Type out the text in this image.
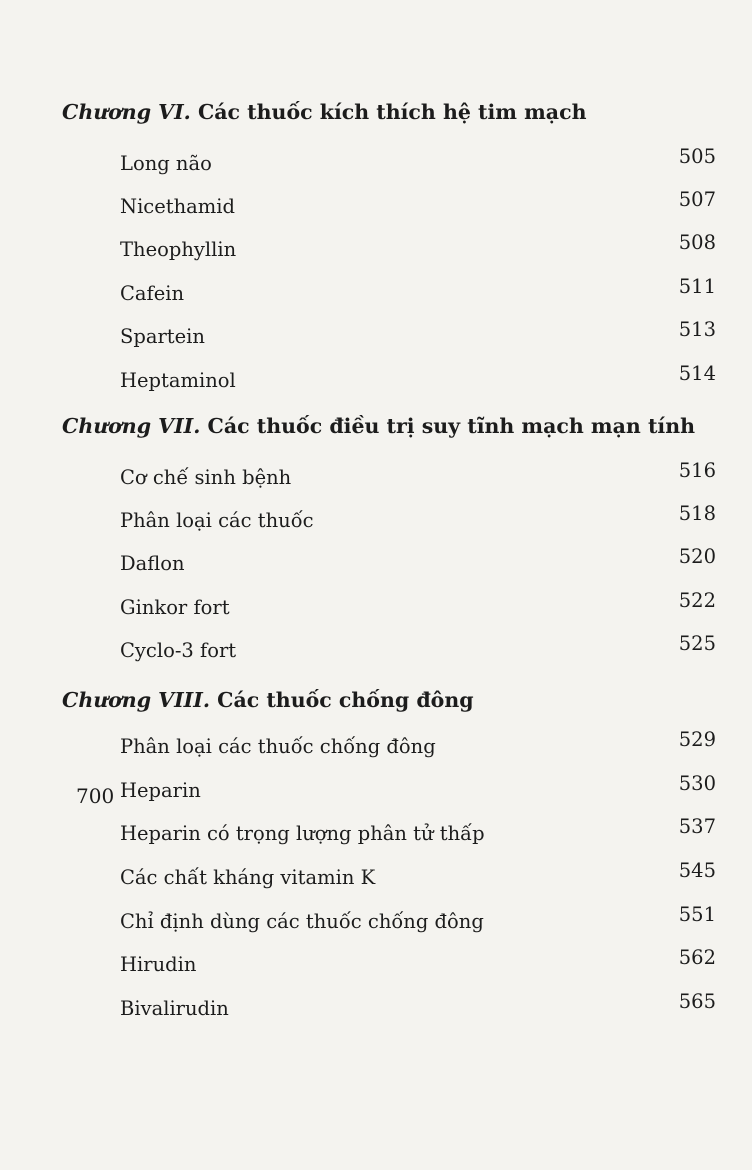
Chương VI. Các thuốc kích thích hệ tim mạch
Long não	505
Nicethamid	507
Theophyllin	508
Cafein	511
Spartein	513
Heptaminol	514
Chương VII. Các thuốc điều trị suy tĩnh mạch mạn tính
Cơ chế sinh bệnh	516
Phân loại các thuốc	518
Daflon	520
Ginkor fort	522
Cyclo-3 fort	525
Chương VIII. Các thuốc chống đông
Phân loại các thuốc chống đông	529
Heparin	530
Heparin có trọng lượng phân tử thấp	537
Các chất kháng vitamin K	545
Chỉ định dùng các thuốc chống đông	551
Hirudin	562
Bivalirudin	565
700
